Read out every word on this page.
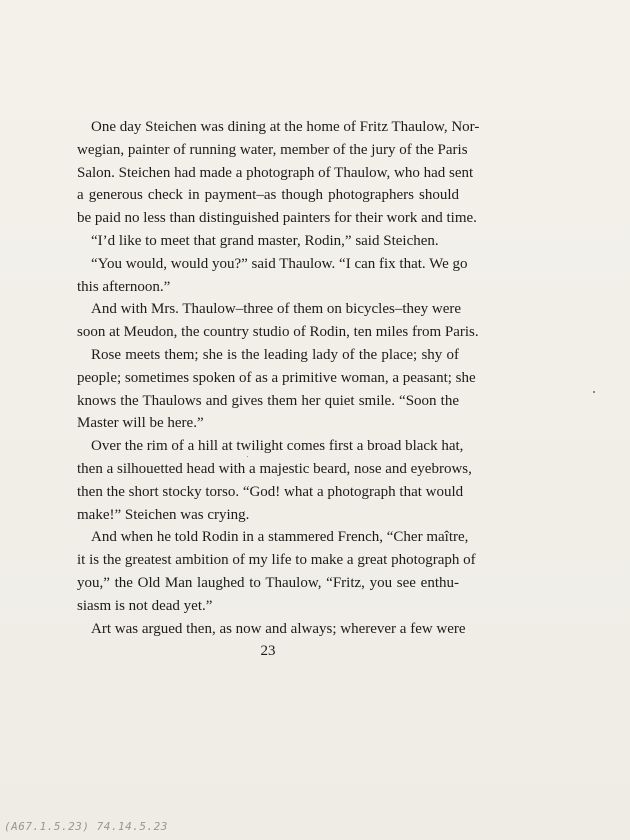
One day Steichen was dining at the home of Fritz Thaulow, Nor-
wegian, painter of running water, member of the jury of the Paris
Salon. Steichen had made a photograph of Thaulow, who had sent
a generous check in payment–as though photographers should
be paid no less than distinguished painters for their work and time.
“I’d like to meet that grand master, Rodin,” said Steichen.
“You would, would you?” said Thaulow. “I can fix that. We go
this afternoon.”
And with Mrs. Thaulow–three of them on bicycles–they were
soon at Meudon, the country studio of Rodin, ten miles from Paris.
Rose meets them; she is the leading lady of the place; shy of
people; sometimes spoken of as a primitive woman, a peasant; she
knows the Thaulows and gives them her quiet smile. “Soon the
Master will be here.”
Over the rim of a hill at twilight comes first a broad black hat,
then a silhouetted head with a majestic beard, nose and eyebrows,
then the short stocky torso. “God! what a photograph that would
make!” Steichen was crying.
And when he told Rodin in a stammered French, “Cher maître,
it is the greatest ambition of my life to make a great photograph of
you,” the Old Man laughed to Thaulow, “Fritz, you see enthu-
siasm is not dead yet.”
Art was argued then, as now and always; wherever a few were
23
(A67.1.5.23) 74.14.5.23
